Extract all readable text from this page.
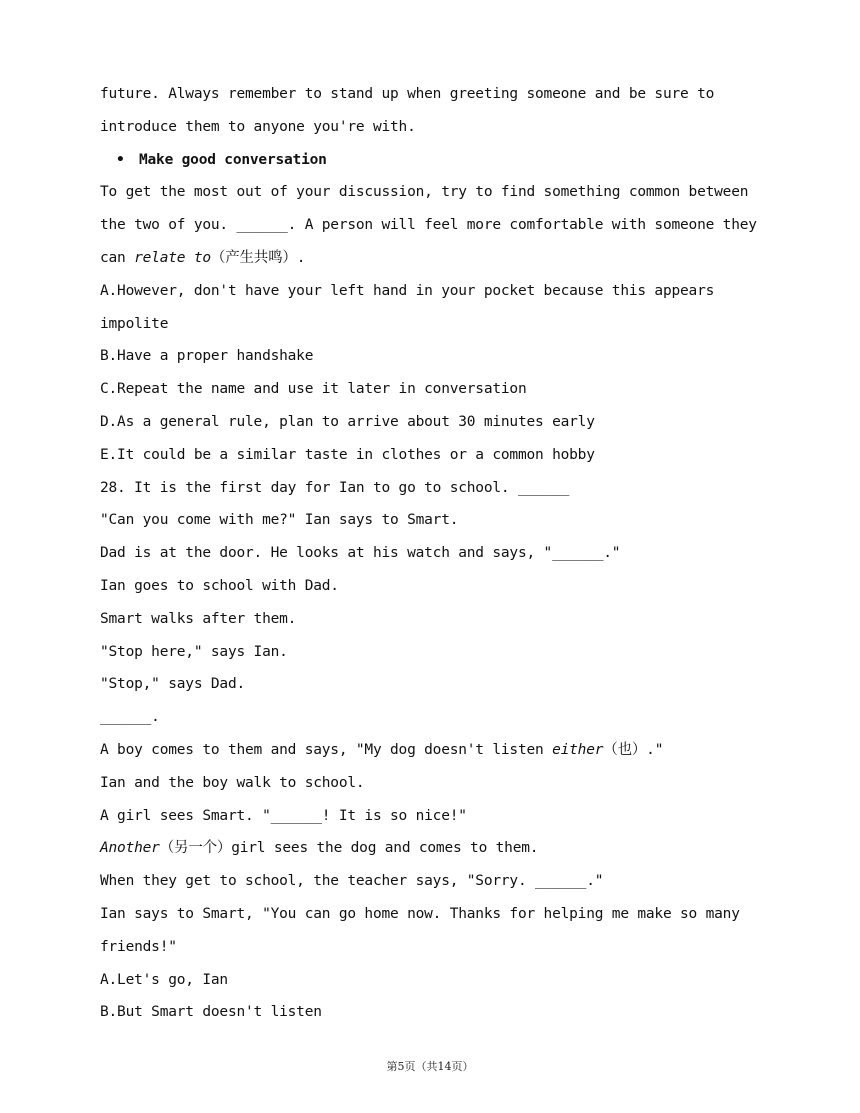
future. Always remember to stand up when greeting someone and be sure to
introduce them to anyone you're with.
• Make good conversation
To get the most out of your discussion, try to find something common between
the two of you. ______. A person will feel more comfortable with someone they
can relate to（产生共鸣）.
A.However, don't have your left hand in your pocket because this appears
impolite
B.Have a proper handshake
C.Repeat the name and use it later in conversation
D.As a general rule, plan to arrive about 30 minutes early
E.It could be a similar taste in clothes or a common hobby
28. It is the first day for Ian to go to school. ______
"Can you come with me?" Ian says to Smart.
Dad is at the door. He looks at his watch and says, "______."
Ian goes to school with Dad.
Smart walks after them.
"Stop here," says Ian.
"Stop," says Dad.
______.
A boy comes to them and says, "My dog doesn't listen either（也）."
Ian and the boy walk to school.
A girl sees Smart. "______! It is so nice!"
Another（另一个）girl sees the dog and comes to them.
When they get to school, the teacher says, "Sorry. ______."
Ian says to Smart, "You can go home now. Thanks for helping me make so many
friends!"
A.Let's go, Ian
B.But Smart doesn't listen
第5页（共14页）
